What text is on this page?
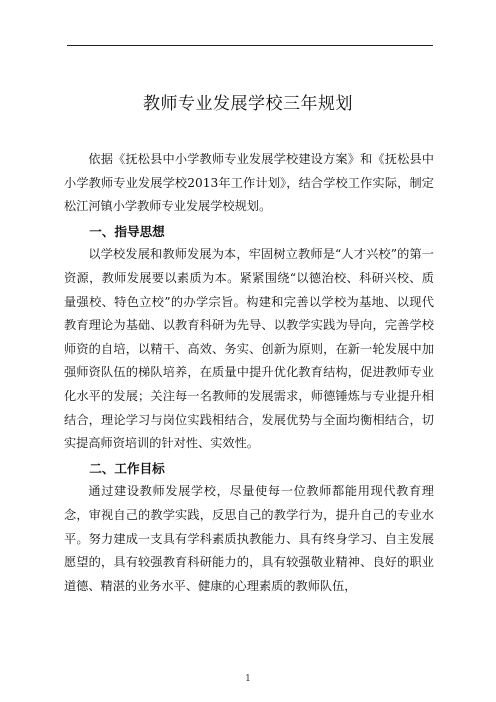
教师专业发展学校三年规划

依据《抚松县中小学教师专业发展学校建设方案》和《抚松县中小学教师专业发展学校2013年工作计划》，结合学校工作实际，制定松江河镇小学教师专业发展学校规划。

一、指导思想

以学校发展和教师发展为本，牢固树立教师是“人才兴校”的第一资源，教师发展要以素质为本。紧紧围绕“以德治校、科研兴校、质量强校、特色立校”的办学宗旨。构建和完善以学校为基地、以现代教育理论为基础、以教育科研为先导、以教学实践为导向，完善学校师资的自培，以精干、高效、务实、创新为原则，在新一轮发展中加强师资队伍的梯队培养，在质量中提升优化教育结构，促进教师专业化水平的发展；关注每一名教师的发展需求，师德锤炼与专业提升相结合，理论学习与岗位实践相结合，发展优势与全面均衡相结合，切实提高师资培训的针对性、实效性。

二、工作目标

通过建设教师发展学校，尽量使每一位教师都能用现代教育理念，审视自己的教学实践，反思自己的教学行为，提升自己的专业水平。努力建成一支具有学科素质执教能力、具有终身学习、自主发展愿望的，具有较强教育科研能力的，具有较强敬业精神、良好的职业道德、精湛的业务水平、健康的心理素质的教师队伍，

1
